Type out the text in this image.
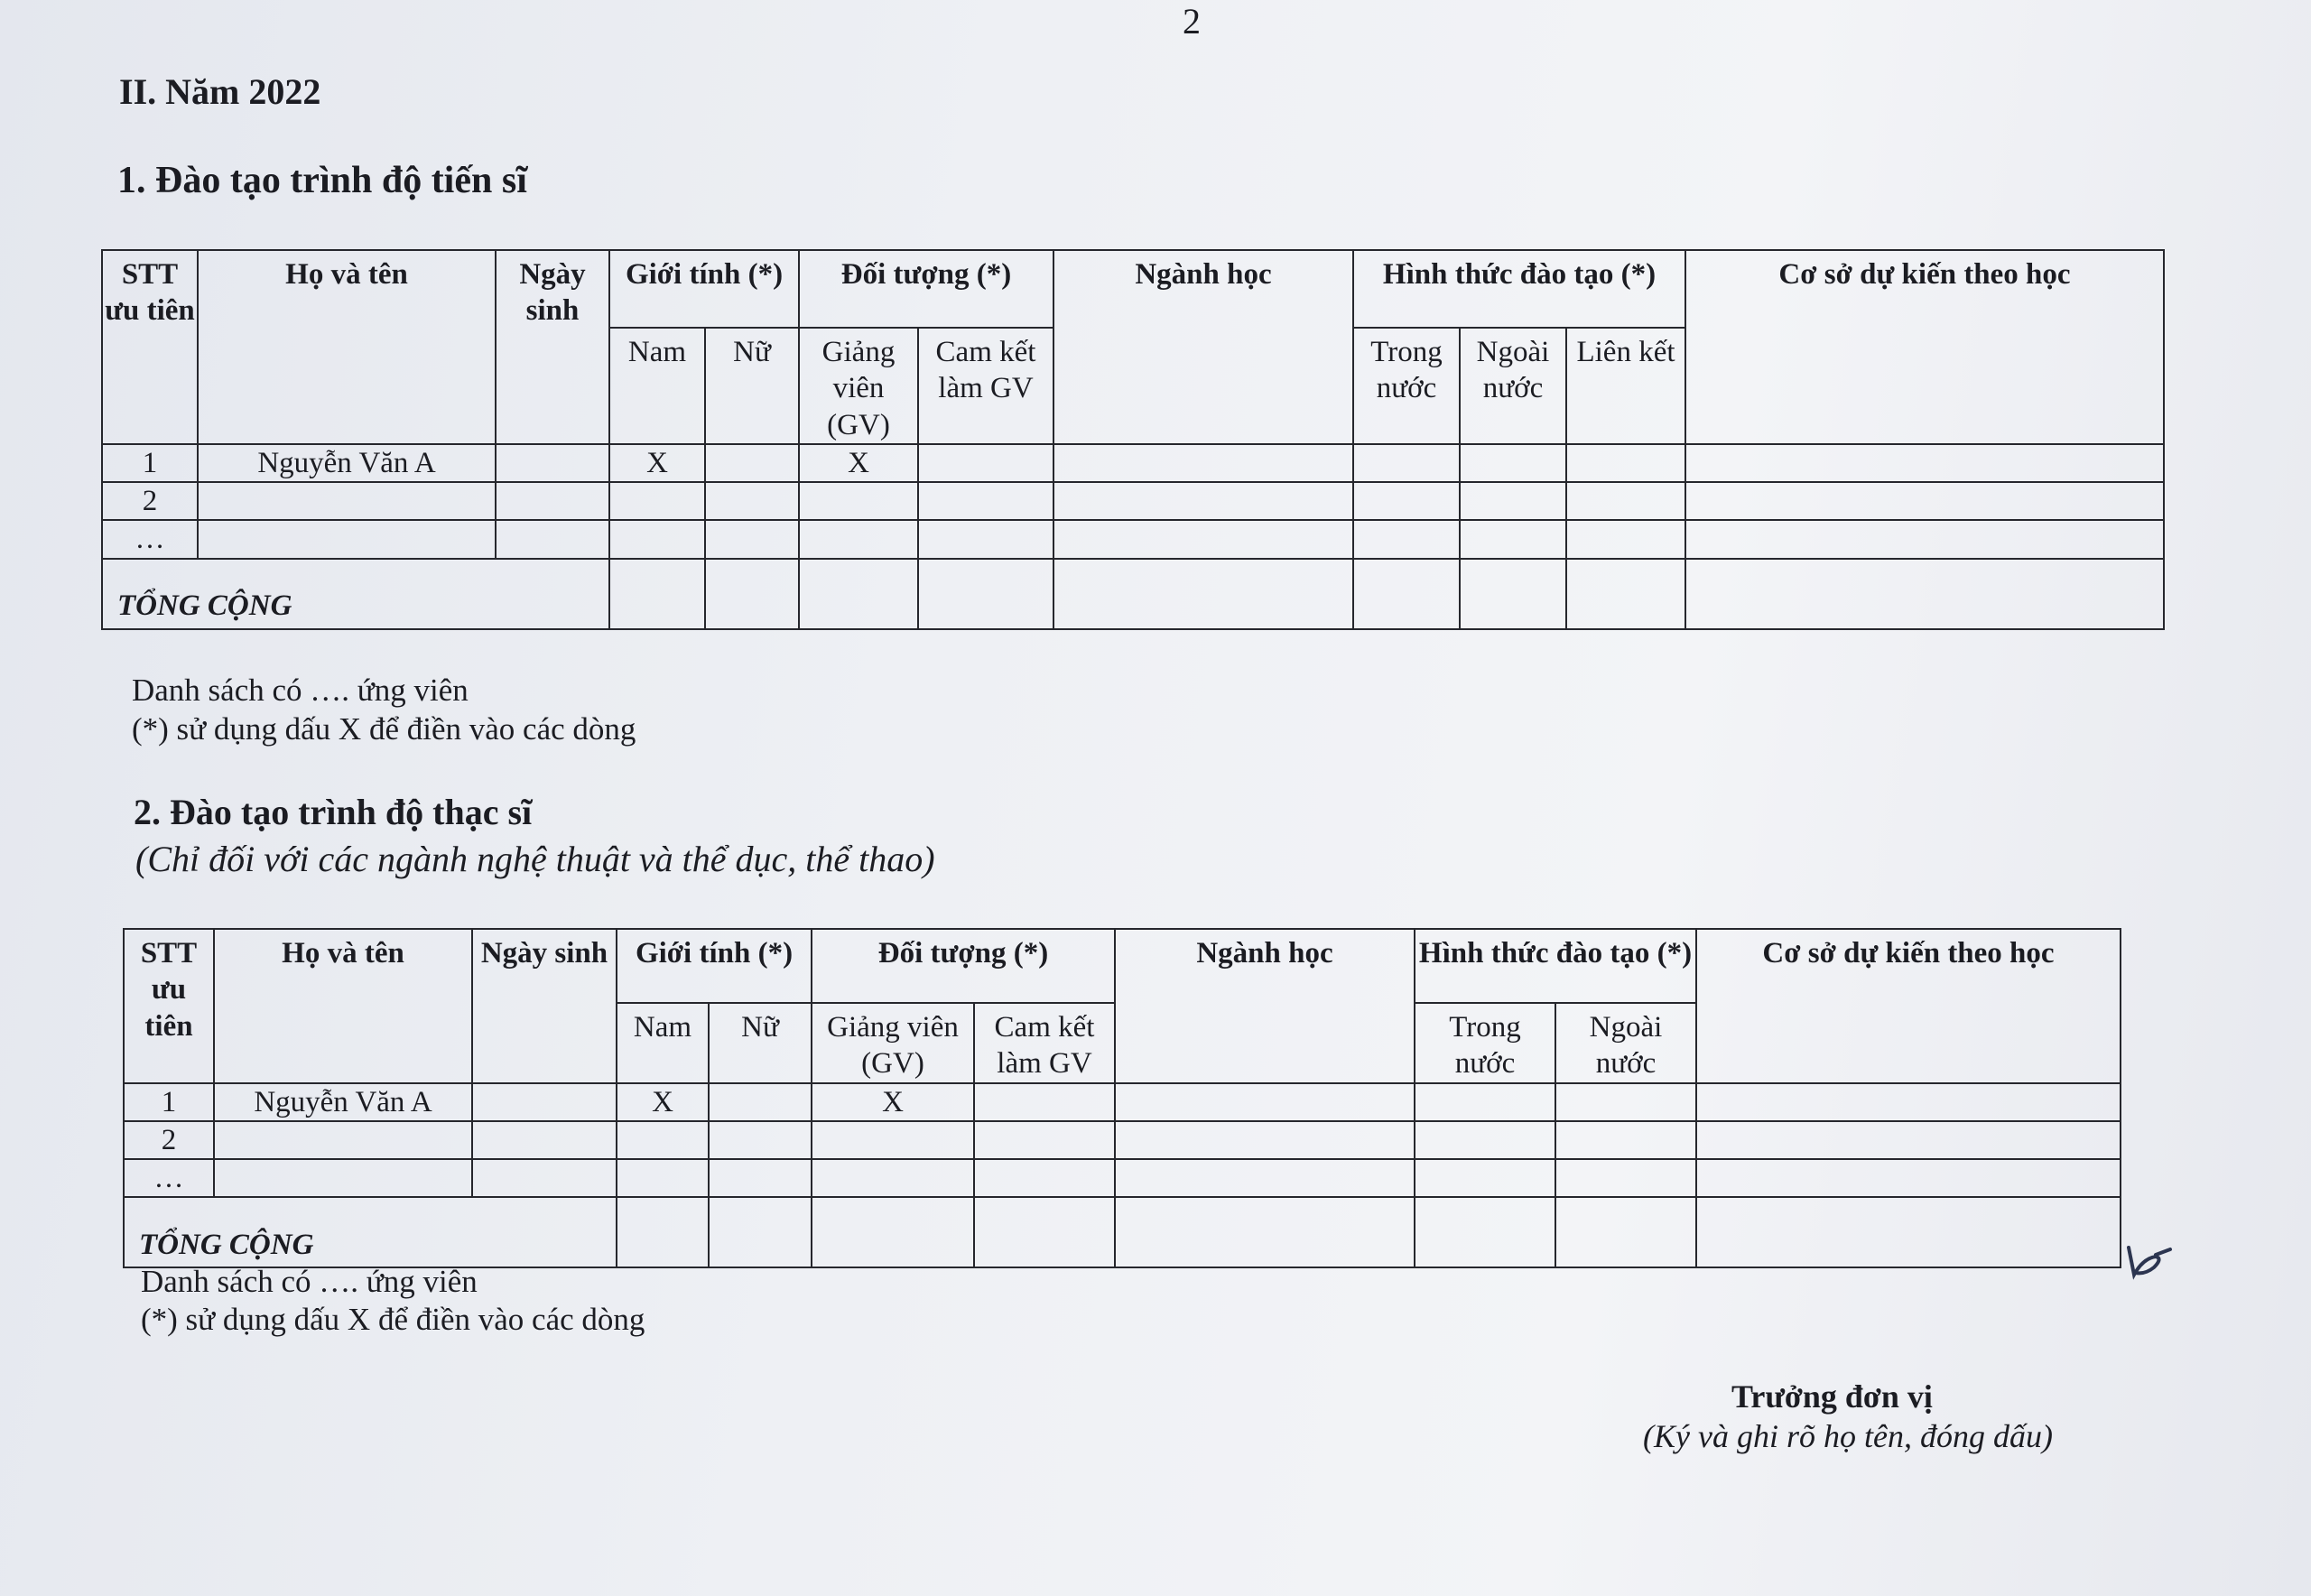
2
II. Năm 2022
1. Đào tạo trình độ tiến sĩ
STT ưu tiên	Họ và tên	Ngày sinh	Giới tính (*)		Đối tượng (*)		Ngành học	Hình thức đào tạo (*)			Cơ sở dự kiến theo học
			Nam	Nữ	Giảng viên (GV)	Cam kết làm GV		Trong nước	Ngoài nước	Liên kết	
1	Nguyễn Văn A		X		X						
2											
…											
TỔNG CỘNG											
Danh sách có …. ứng viên
(*) sử dụng dấu X để điền vào các dòng
2. Đào tạo trình độ thạc sĩ
(Chỉ đối với các ngành nghệ thuật và thể dục, thể thao)
STT ưu tiên	Họ và tên	Ngày sinh	Giới tính (*)		Đối tượng (*)		Ngành học	Hình thức đào tạo (*)		Cơ sở dự kiến theo học
			Nam	Nữ	Giảng viên (GV)	Cam kết làm GV		Trong nước	Ngoài nước	
1	Nguyễn Văn A		X		X					
2										
…										
TỔNG CỘNG										
Danh sách có …. ứng viên
(*) sử dụng dấu X để điền vào các dòng
Trưởng đơn vị
(Ký và ghi rõ họ tên, đóng dấu)
